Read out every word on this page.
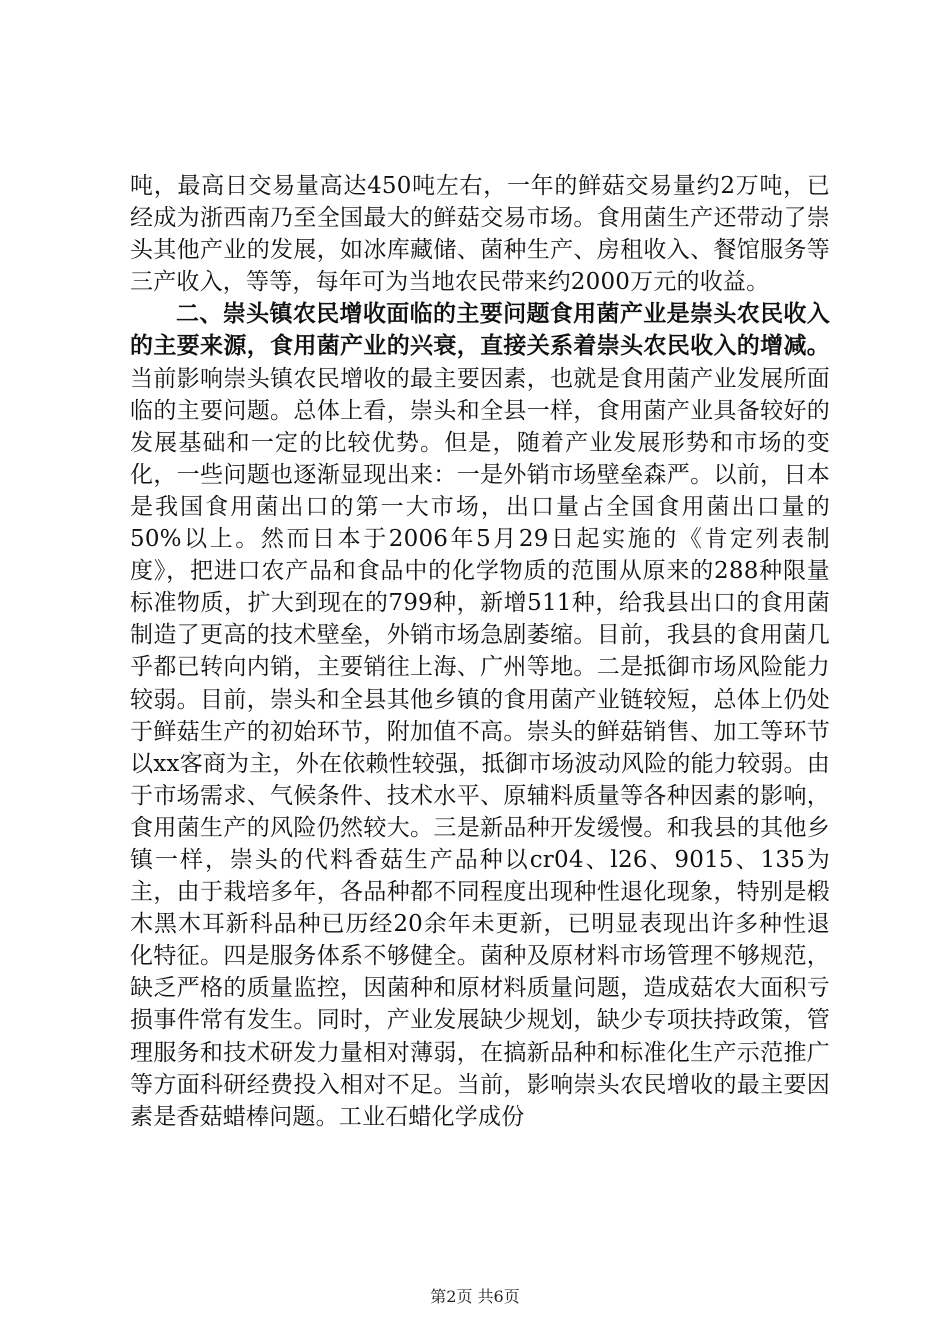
吨，最高日交易量高达450吨左右，一年的鲜菇交易量约2万吨，已经成为浙西南乃至全国最大的鲜菇交易市场。食用菌生产还带动了崇头其他产业的发展，如冰库藏储、菌种生产、房租收入、餐馆服务等三产收入，等等，每年可为当地农民带来约2000万元的收益。

二、崇头镇农民增收面临的主要问题食用菌产业是崇头农民收入的主要来源，食用菌产业的兴衰，直接关系着崇头农民收入的增减。当前影响崇头镇农民增收的最主要因素，也就是食用菌产业发展所面临的主要问题。总体上看，崇头和全县一样，食用菌产业具备较好的发展基础和一定的比较优势。但是，随着产业发展形势和市场的变化，一些问题也逐渐显现出来：一是外销市场壁垒森严。以前，日本是我国食用菌出口的第一大市场，出口量占全国食用菌出口量的50%以上。然而日本于2006年5月29日起实施的《肯定列表制度》，把进口农产品和食品中的化学物质的范围从原来的288种限量标准物质，扩大到现在的799种，新增511种，给我县出口的食用菌制造了更高的技术壁垒，外销市场急剧萎缩。目前，我县的食用菌几乎都已转向内销，主要销往上海、广州等地。二是抵御市场风险能力较弱。目前，崇头和全县其他乡镇的食用菌产业链较短，总体上仍处于鲜菇生产的初始环节，附加值不高。崇头的鲜菇销售、加工等环节以xx客商为主，外在依赖性较强，抵御市场波动风险的能力较弱。由于市场需求、气候条件、技术水平、原辅料质量等各种因素的影响，食用菌生产的风险仍然较大。三是新品种开发缓慢。和我县的其他乡镇一样，崇头的代料香菇生产品种以cr04、l26、9015、135为主，由于栽培多年，各品种都不同程度出现种性退化现象，特别是椴木黑木耳新科品种已历经20余年未更新，已明显表现出许多种性退化特征。四是服务体系不够健全。菌种及原材料市场管理不够规范，缺乏严格的质量监控，因菌种和原材料质量问题，造成菇农大面积亏损事件常有发生。同时，产业发展缺少规划，缺少专项扶持政策，管理服务和技术研发力量相对薄弱，在搞新品种和标准化生产示范推广等方面科研经费投入相对不足。当前，影响崇头农民增收的最主要因素是香菇蜡棒问题。工业石蜡化学成份

第2页 共6页
